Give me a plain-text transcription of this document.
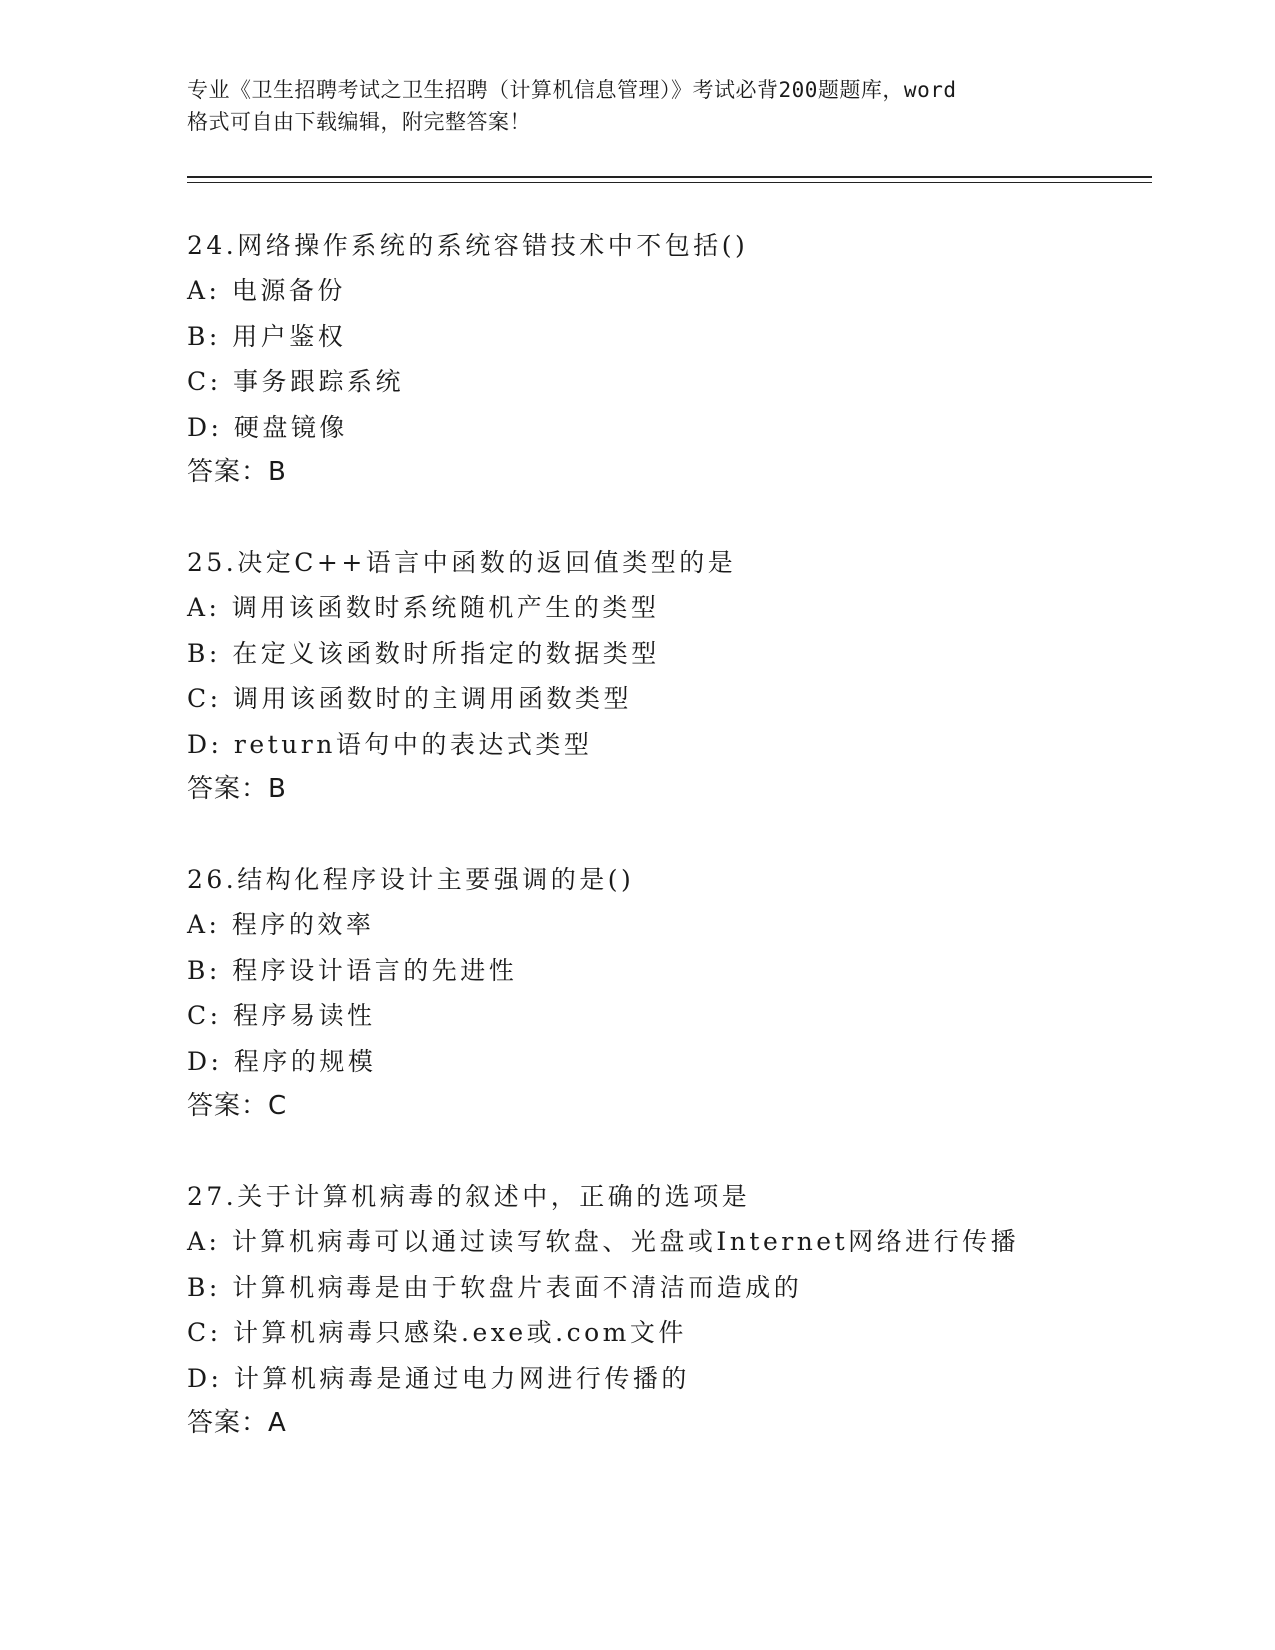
专业《卫生招聘考试之卫生招聘（计算机信息管理）》考试必背200题题库，word
格式可自由下载编辑，附完整答案！
24.网络操作系统的系统容错技术中不包括()
A: 电源备份
B: 用户鉴权
C: 事务跟踪系统
D: 硬盘镜像
答案：B
25.决定C++语言中函数的返回值类型的是
A: 调用该函数时系统随机产生的类型
B: 在定义该函数时所指定的数据类型
C: 调用该函数时的主调用函数类型
D: return语句中的表达式类型
答案：B
26.结构化程序设计主要强调的是()
A: 程序的效率
B: 程序设计语言的先进性
C: 程序易读性
D: 程序的规模
答案：C
27.关于计算机病毒的叙述中，正确的选项是
A: 计算机病毒可以通过读写软盘、光盘或Internet网络进行传播
B: 计算机病毒是由于软盘片表面不清洁而造成的
C: 计算机病毒只感染.exe或.com文件
D: 计算机病毒是通过电力网进行传播的
答案：A
